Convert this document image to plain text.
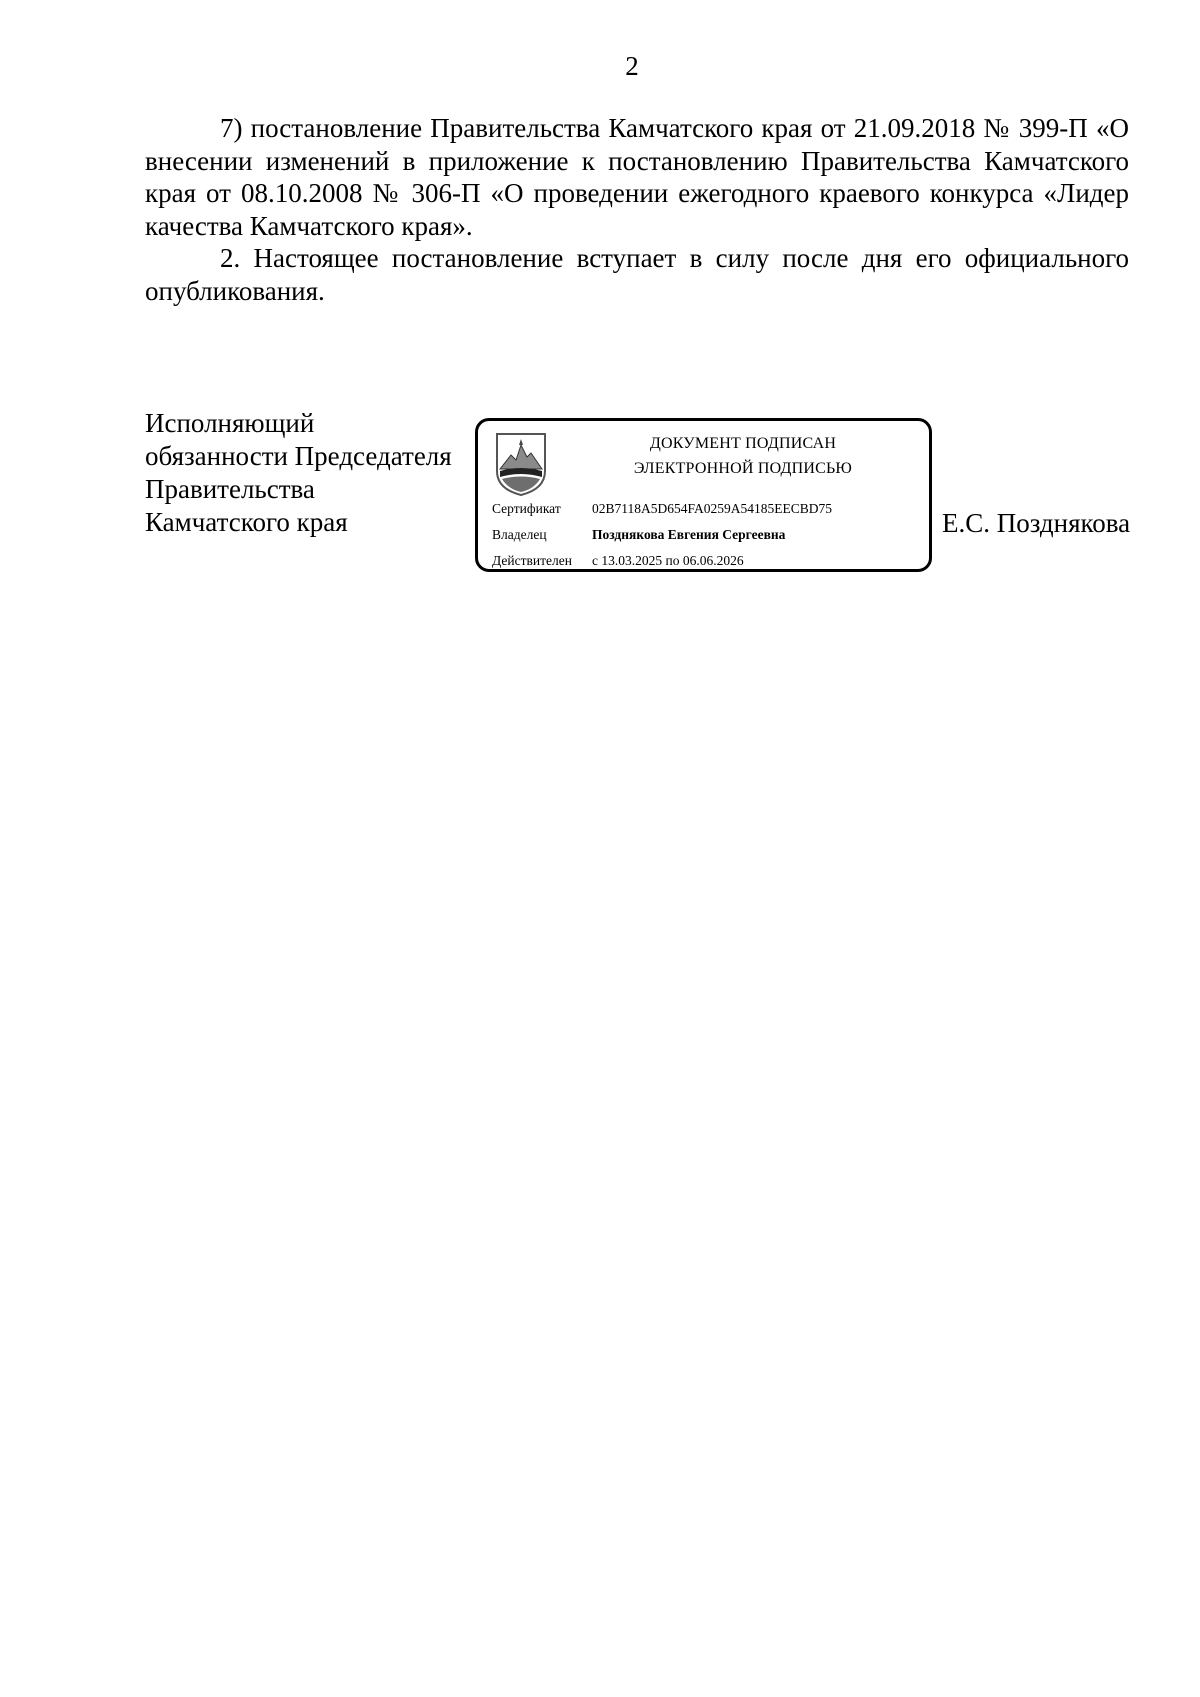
2

7) постановление Правительства Камчатского края от 21.09.2018 № 399-П «О внесении изменений в приложение к постановлению Правительства Камчатского края от 08.10.2008 № 306-П «О проведении ежегодного краевого конкурса «Лидер качества Камчатского края».

2. Настоящее постановление вступает в силу после дня его официального опубликования.

Исполняющий
обязанности Председателя
Правительства
Камчатского края	Е.С. Позднякова
ДОКУМЕНТ ПОДПИСАН
ЭЛЕКТРОННОЙ ПОДПИСЬЮ
Сертификат 02B7118A5D654FA0259A54185EECBD75
Владелец	Позднякова Евгения Сергеевна
Действителен с 13.03.2025 по 06.06.2026
